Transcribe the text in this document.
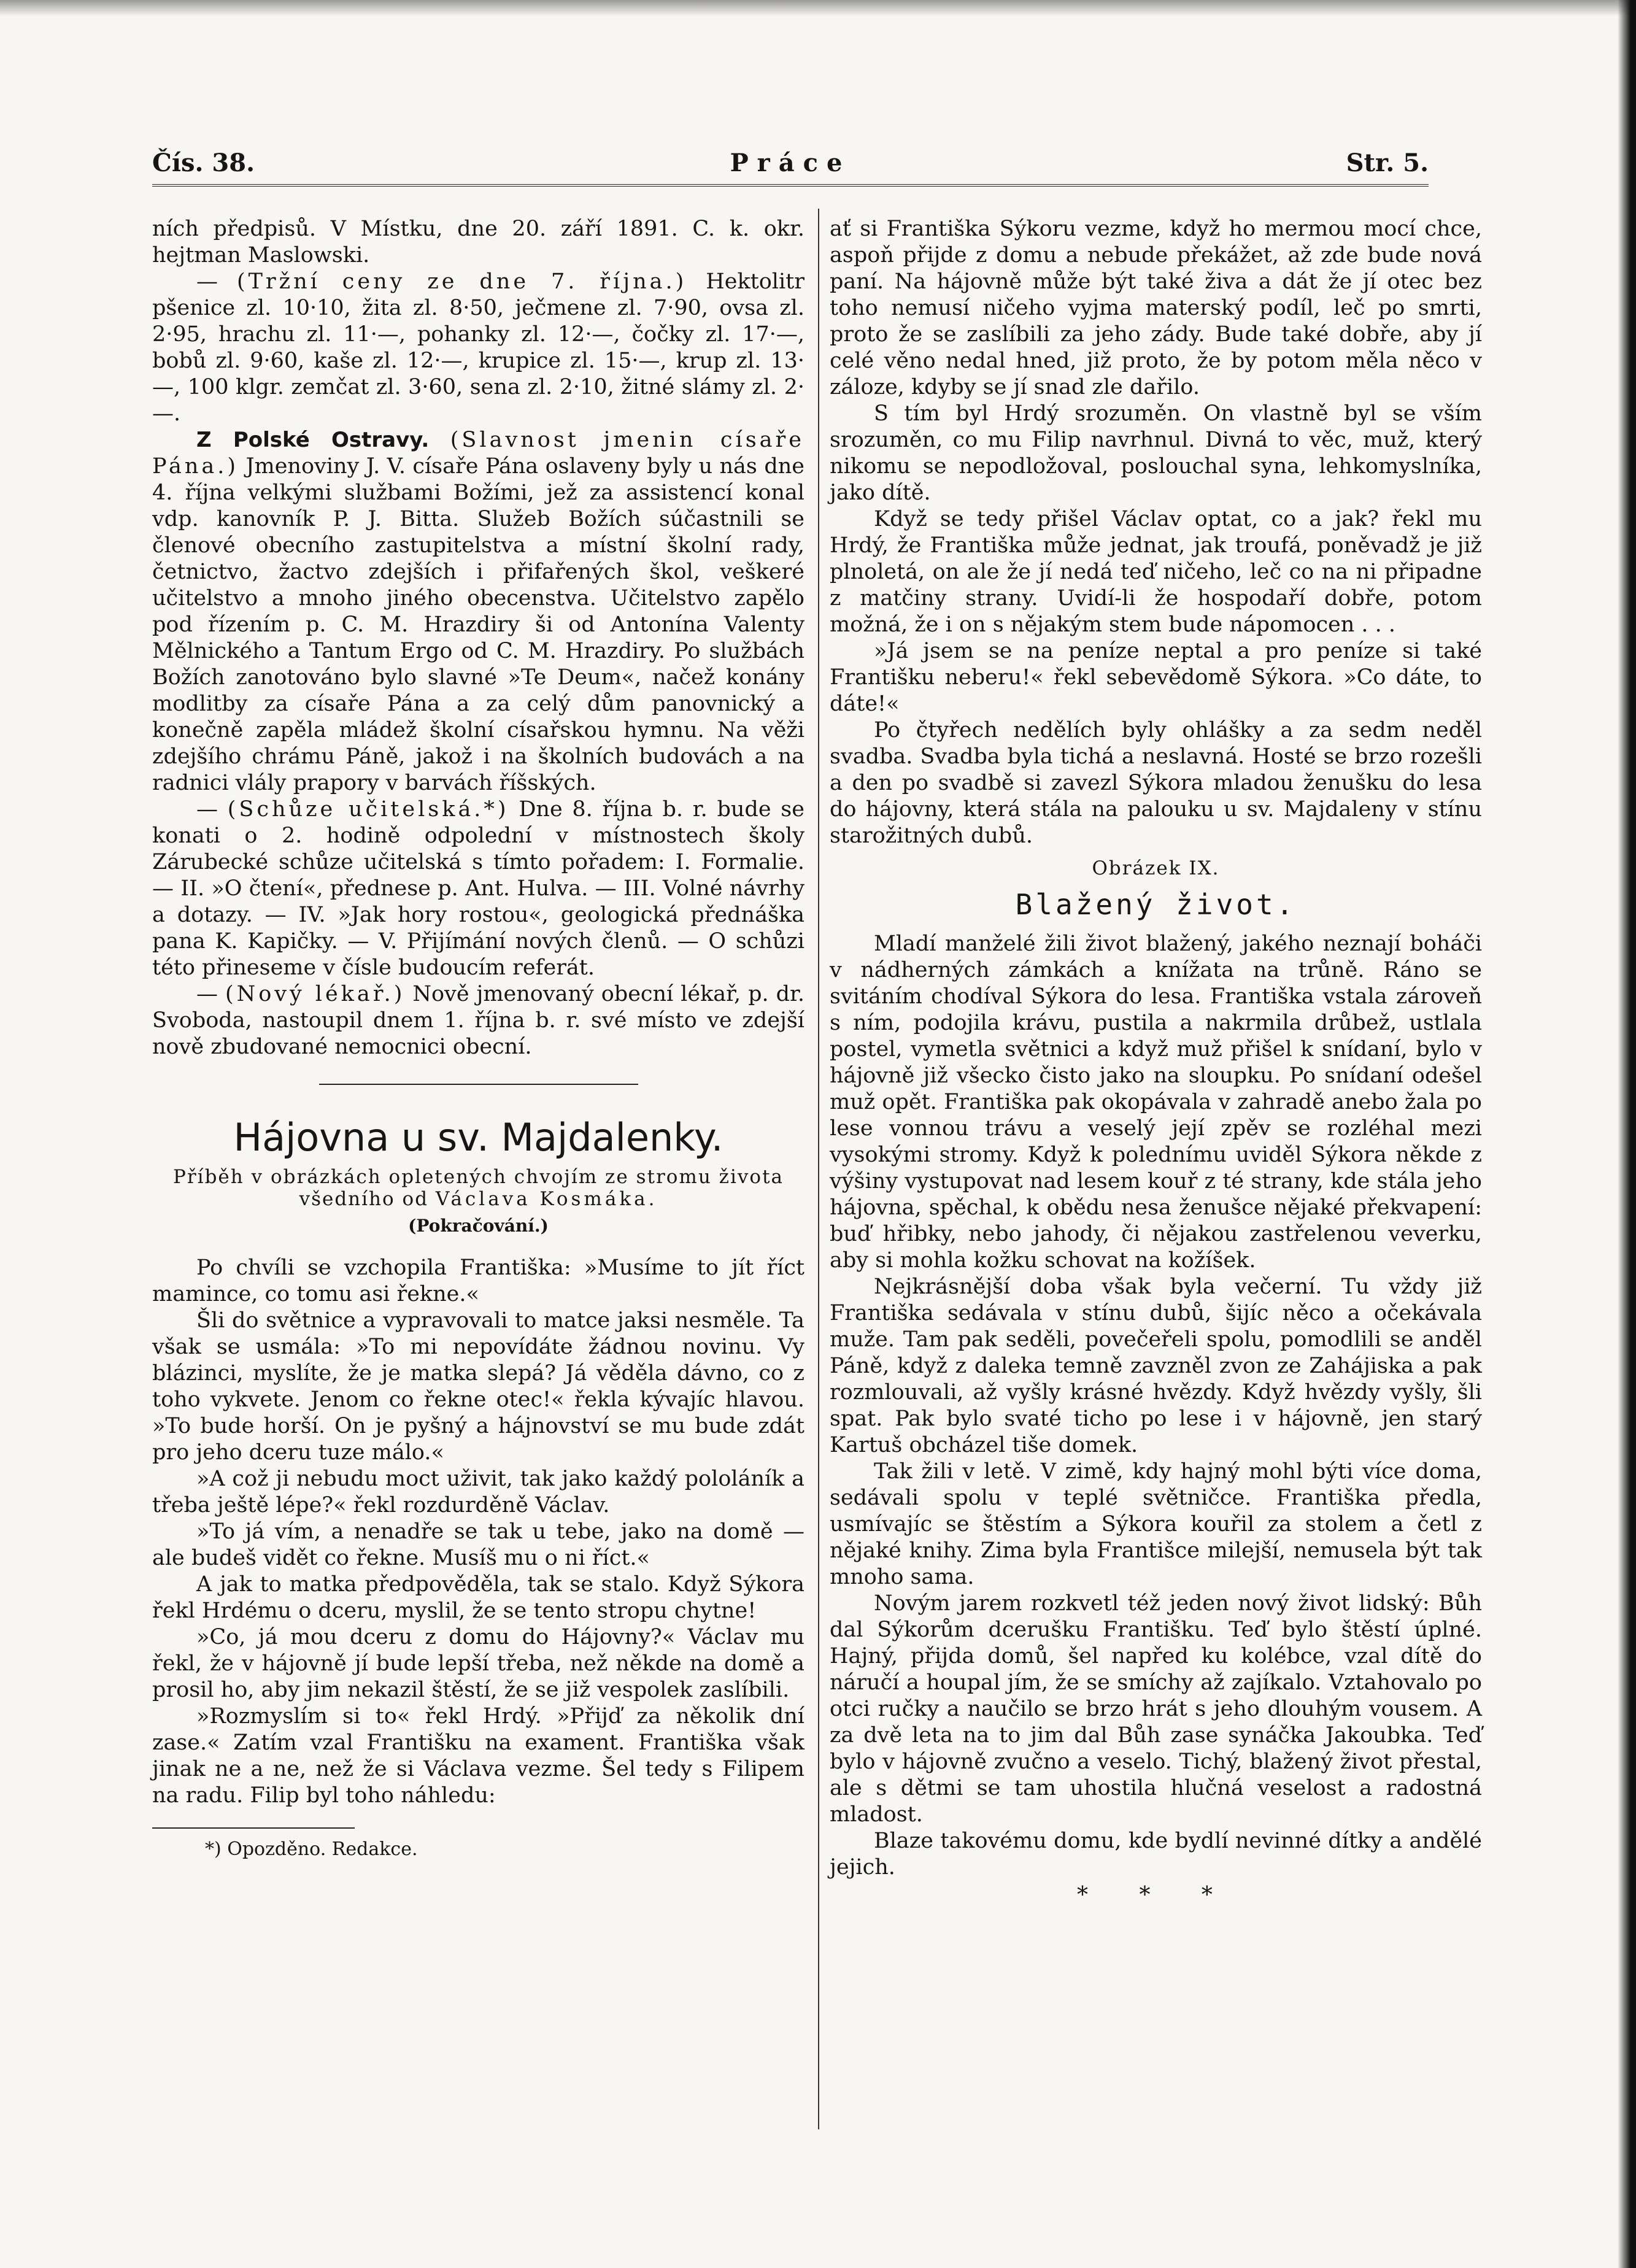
Čís. 38.	Práce	Str. 5.

ních předpisů. V Místku, dne 20. září 1891. C. k. okr. hejtman Maslowski.

— (Tržní ceny ze dne 7. října.) Hektolitr pšenice zl. 10·10, žita zl. 8·50, ječmene zl. 7·90, ovsa zl. 2·95, hrachu zl. 11·—, pohanky zl. 12·—, čočky zl. 17·—, bobů zl. 9·60, kaše zl. 12·—, krupice zl. 15·—, krup zl. 13·—, 100 klgr. zemčat zl. 3·60, sena zl. 2·10, žitné slámy zl. 2·—.

Z Polské Ostravy. (Slavnost jmenin císaře Pána.) Jmenoviny J. V. císaře Pána oslaveny byly u nás dne 4. října velkými službami Božími, jež za assistencí konal vdp. kanovník P. J. Bitta. Služeb Božích súčastnili se členové obecního zastupitelstva a místní školní rady, četnictvo, žactvo zdejších i přifařených škol, veškeré učitelstvo a mnoho jiného obecenstva. Učitelstvo zapělo pod řízením p. C. M. Hrazdiry ši od Antonína Valenty Mělnického a Tantum Ergo od C. M. Hrazdiry. Po službách Božích zanotováno bylo slavné »Te Deum«, načež konány modlitby za císaře Pána a za celý dům panovnický a konečně zapěla mládež školní císařskou hymnu. Na věži zdejšího chrámu Páně, jakož i na školních budovách a na radnici vlály prapory v barvách říšských.

— (Schůze učitelská.*) Dne 8. října b. r. bude se konati o 2. hodině odpolední v místnostech školy Zárubecké schůze učitelská s tímto pořadem: I. Formalie. — II. »O čtení«, přednese p. Ant. Hulva. — III. Volné návrhy a dotazy. — IV. »Jak hory rostou«, geologická přednáška pana K. Kapičky. — V. Přijímání nových členů. — O schůzi této přineseme v čísle budoucím referát.

— (Nový lékař.) Nově jmenovaný obecní lékař, p. dr. Svoboda, nastoupil dnem 1. října b. r. své místo ve zdejší nově zbudované nemocnici obecní.

Hájovna u sv. Majdalenky.
Příběh v obrázkách opletených chvojím ze stromu života
všedního od Václava Kosmáka.
(Pokračování.)

Po chvíli se vzchopila Františka: »Musíme to jít říct mamince, co tomu asi řekne.«

Šli do světnice a vypravovali to matce jaksi nesměle. Ta však se usmála: »To mi nepovídáte žádnou novinu. Vy blázinci, myslíte, že je matka slepá? Já věděla dávno, co z toho vykvete. Jenom co řekne otec!« řekla kývajíc hlavou. »To bude horší. On je pyšný a hájnovství se mu bude zdát pro jeho dceru tuze málo.«

»A což ji nebudu moct uživit, tak jako každý pololáník a třeba ještě lépe?« řekl rozdurděně Václav.

»To já vím, a nenadře se tak u tebe, jako na domě — ale budeš vidět co řekne. Musíš mu o ni říct.«

A jak to matka předpověděla, tak se stalo. Když Sýkora řekl Hrdému o dceru, myslil, že se tento stropu chytne!

»Co, já mou dceru z domu do Hájovny?« Václav mu řekl, že v hájovně jí bude lepší třeba, než někde na domě a prosil ho, aby jim nekazil štěstí, že se již vespolek zaslíbili.

»Rozmyslím si to« řekl Hrdý. »Přijď za několik dní zase.« Zatím vzal Františku na exament. Františka však jinak ne a ne, než že si Václava vezme. Šel tedy s Filipem na radu. Filip byl toho náhledu:

*) Opozděno. Redakce.

ať si Františka Sýkoru vezme, když ho mermou mocí chce, aspoň přijde z domu a nebude překážet, až zde bude nová paní. Na hájovně může být také živa a dát že jí otec bez toho nemusí ničeho vyjma materský podíl, leč po smrti, proto že se zaslíbili za jeho zády. Bude také dobře, aby jí celé věno nedal hned, již proto, že by potom měla něco v záloze, kdyby se jí snad zle dařilo.

S tím byl Hrdý srozuměn. On vlastně byl se vším srozuměn, co mu Filip navrhnul. Divná to věc, muž, který nikomu se nepodložoval, poslouchal syna, lehkomyslníka, jako dítě.

Když se tedy přišel Václav optat, co a jak? řekl mu Hrdý, že Františka může jednat, jak troufá, poněvadž je již plnoletá, on ale že jí nedá teď ničeho, leč co na ni připadne z matčiny strany. Uvidí-li že hospodaří dobře, potom možná, že i on s nějakým stem bude nápomocen . . .

»Já jsem se na peníze neptal a pro peníze si také Františku neberu!« řekl sebevědomě Sýkora. »Co dáte, to dáte!«

Po čtyřech nedělích byly ohlášky a za sedm neděl svadba. Svadba byla tichá a neslavná. Hosté se brzo rozešli a den po svadbě si zavezl Sýkora mladou ženušku do lesa do hájovny, která stála na palouku u sv. Majdaleny v stínu starožitných dubů.

Obrázek IX.
Blažený život.

Mladí manželé žili život blažený, jakého neznají boháči v nádherných zámkách a knížata na trůně. Ráno se svitáním chodíval Sýkora do lesa. Františka vstala zároveň s ním, podojila krávu, pustila a nakrmila drůbež, ustlala postel, vymetla světnici a když muž přišel k snídaní, bylo v hájovně již všecko čisto jako na sloupku. Po snídaní odešel muž opět. Františka pak okopávala v zahradě anebo žala po lese vonnou trávu a veselý její zpěv se rozléhal mezi vysokými stromy. Když k polednímu uviděl Sýkora někde z výšiny vystupovat nad lesem kouř z té strany, kde stála jeho hájovna, spěchal, k obědu nesa ženušce nějaké překvapení: buď hřibky, nebo jahody, či nějakou zastřelenou veverku, aby si mohla kožku schovat na kožíšek.

Nejkrásnější doba však byla večerní. Tu vždy již Františka sedávala v stínu dubů, šijíc něco a očekávala muže. Tam pak seděli, povečeřeli spolu, pomodlili se anděl Páně, když z daleka temně zavzněl zvon ze Zahájiska a pak rozmlouvali, až vyšly krásné hvězdy. Když hvězdy vyšly, šli spat. Pak bylo svaté ticho po lese i v hájovně, jen starý Kartuš obcházel tiše domek.

Tak žili v letě. V zimě, kdy hajný mohl býti více doma, sedávali spolu v teplé světničce. Františka předla, usmívajíc se štěstím a Sýkora kouřil za stolem a četl z nějaké knihy. Zima byla Františce milejší, nemusela být tak mnoho sama.

Novým jarem rozkvetl též jeden nový život lidský: Bůh dal Sýkorům dcerušku Františku. Teď bylo štěstí úplné. Hajný, přijda domů, šel napřed ku kolébce, vzal dítě do náručí a houpal jím, že se smíchy až zajíkalo. Vztahovalo po otci ručky a naučilo se brzo hrát s jeho dlouhým vousem. A za dvě leta na to jim dal Bůh zase synáčka Jakoubka. Teď bylo v hájovně zvučno a veselo. Tichý, blažený život přestal, ale s dětmi se tam uhostila hlučná veselost a radostná mladost.

Blaze takovému domu, kde bydlí nevinné dítky a andělé jejich.

* * *
